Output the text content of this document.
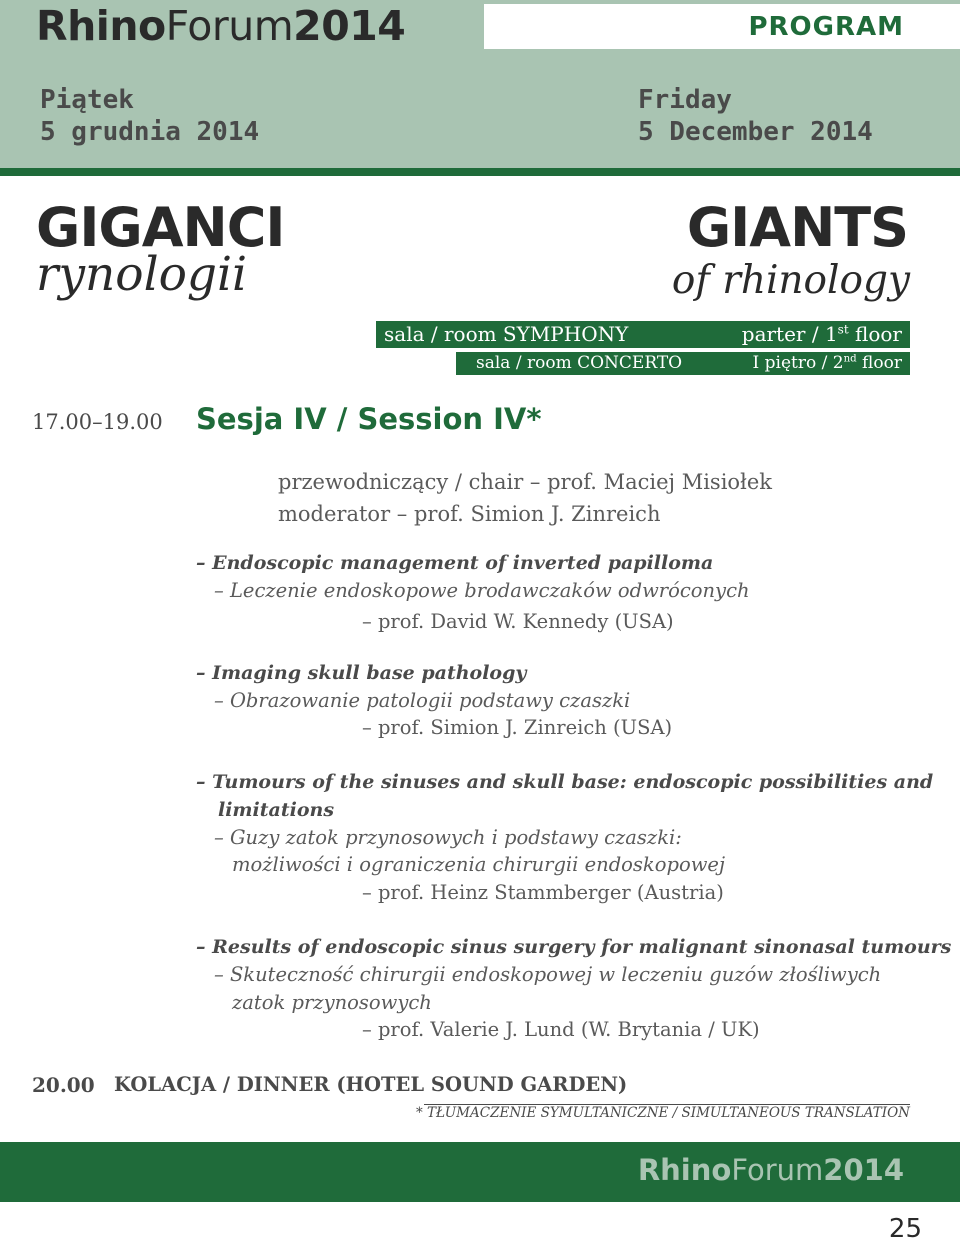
RhinoForum2014	PROGRAM
Piątek
5 grudnia 2014
Friday
5 December 2014
GIGANCI
rynologii
GIANTS
of rhinology
sala / room SYMPHONY	parter / 1st floor
sala / room CONCERTO	I piętro / 2nd floor
17.00–19.00 Sesja IV / Session IV*
przewodniczący / chair – prof. Maciej Misiołek
moderator – prof. Simion J. Zinreich
– Endoscopic management of inverted papilloma
– Leczenie endoskopowe brodawczaków odwróconych
– prof. David W. Kennedy (USA)
– Imaging skull base pathology
– Obrazowanie patologii podstawy czaszki
– prof. Simion J. Zinreich (USA)
– Tumours of the sinuses and skull base: endoscopic possibilities and
limitations
– Guzy zatok przynosowych i podstawy czaszki:
możliwości i ograniczenia chirurgii endoskopowej
– prof. Heinz Stammberger (Austria)
– Results of endoscopic sinus surgery for malignant sinonasal tumours
– Skuteczność chirurgii endoskopowej w leczeniu guzów złośliwych
zatok przynosowych
– prof. Valerie J. Lund (W. Brytania / UK)
20.00 KOLACJA / DINNER (HOTEL SOUND GARDEN)
* TŁUMACZENIE SYMULTANICZNE / SIMULTANEOUS TRANSLATION
RhinoForum2014
25
